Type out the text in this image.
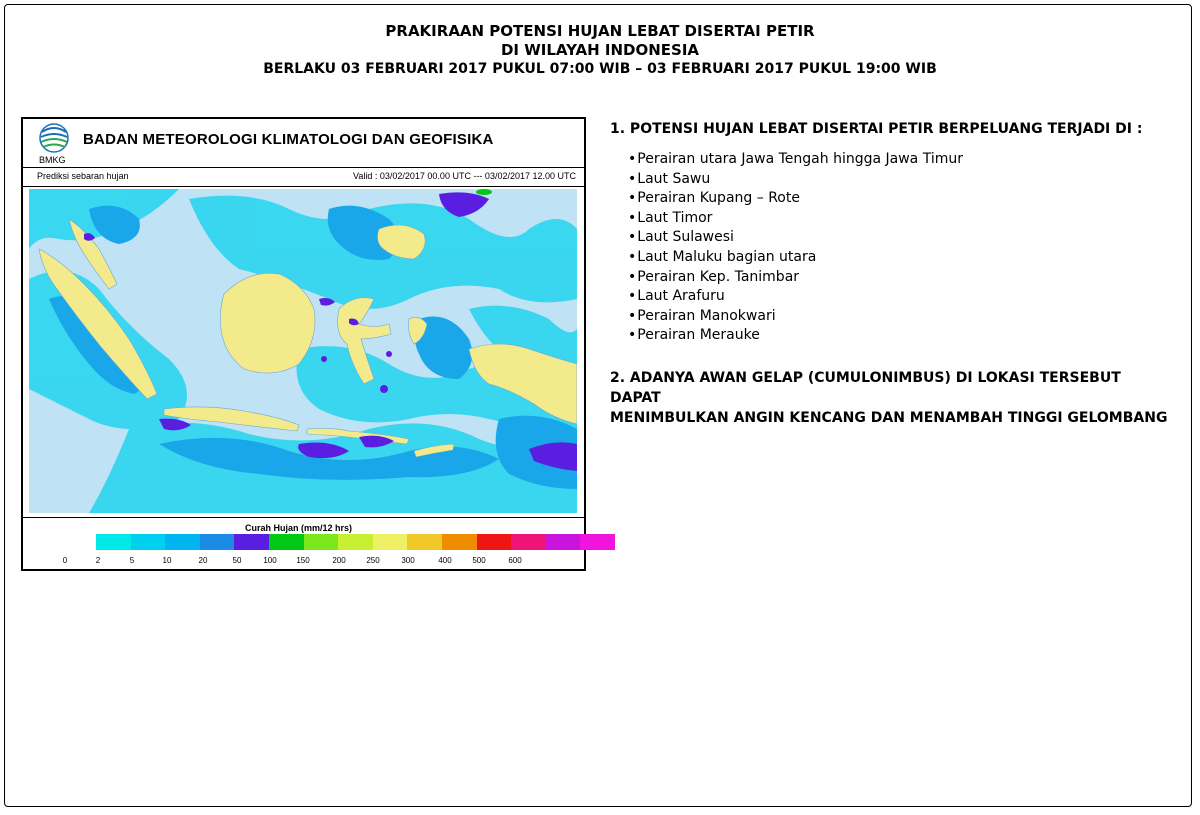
PRAKIRAAN POTENSI HUJAN LEBAT DISERTAI PETIR
DI WILAYAH INDONESIA
BERLAKU 03 FEBRUARI 2017 PUKUL 07:00 WIB – 03 FEBRUARI 2017 PUKUL 19:00 WIB
BMKG
BADAN METEOROLOGI KLIMATOLOGI DAN GEOFISIKA
Prediksi sebaran hujan	Valid : 03/02/2017 00.00 UTC --- 03/02/2017 12.00 UTC
Curah Hujan (mm/12 hrs)
0	2	5	10	20	50	100 150	200	250	300	400	500	600

1. POTENSI HUJAN LEBAT DISERTAI PETIR BERPELUANG TERJADI DI :

• Perairan utara Jawa Tengah hingga Jawa Timur
• Laut Sawu
• Perairan Kupang – Rote
• Laut Timor
• Laut Sulawesi
• Laut Maluku bagian utara
• Perairan Kep. Tanimbar
• Laut Arafuru
• Perairan Manokwari
• Perairan Merauke

2. ADANYA AWAN GELAP (CUMULONIMBUS) DI LOKASI TERSEBUT DAPAT
MENIMBULKAN ANGIN KENCANG DAN MENAMBAH TINGGI GELOMBANG
